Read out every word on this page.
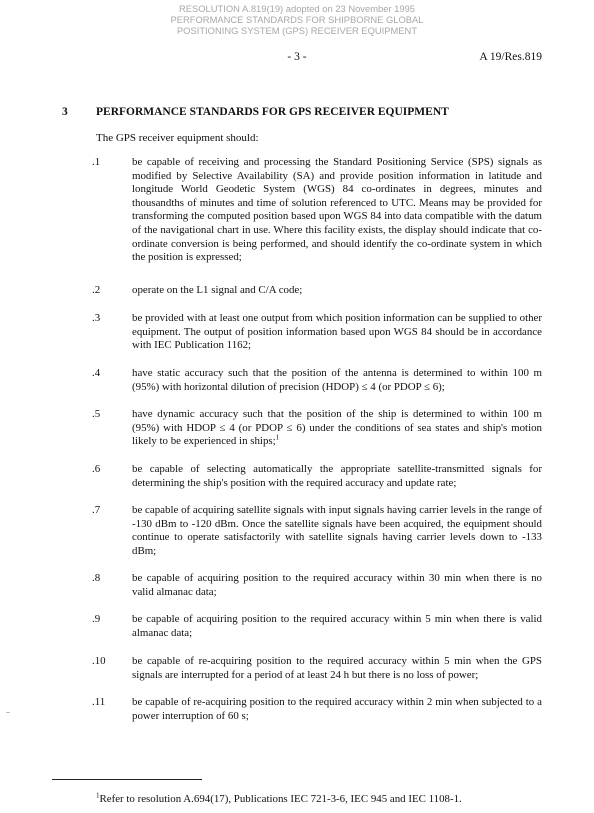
RESOLUTION A.819(19) adopted on 23 November 1995
PERFORMANCE STANDARDS FOR SHIPBORNE GLOBAL
POSITIONING SYSTEM (GPS) RECEIVER EQUIPMENT
- 3 -	A 19/Res.819
3 PERFORMANCE STANDARDS FOR GPS RECEIVER EQUIPMENT
The GPS receiver equipment should:
.1	be capable of receiving and processing the Standard Positioning Service (SPS) signals as modified by Selective Availability (SA) and provide position information in latitude and longitude World Geodetic System (WGS) 84 co-ordinates in degrees, minutes and thousandths of minutes and time of solution referenced to UTC. Means may be provided for transforming the computed position based upon WGS 84 into data compatible with the datum of the navigational chart in use. Where this facility exists, the display should indicate that co-ordinate conversion is being performed, and should identify the co-ordinate system in which the position is expressed;
.2	operate on the L1 signal and C/A code;
.3	be provided with at least one output from which position information can be supplied to other equipment. The output of position information based upon WGS 84 should be in accordance with IEC Publication 1162;
.4	have static accuracy such that the position of the antenna is determined to within 100 m (95%) with horizontal dilution of precision (HDOP) ≤ 4 (or PDOP ≤ 6);
.5	have dynamic accuracy such that the position of the ship is determined to within 100 m (95%) with HDOP ≤ 4 (or PDOP ≤ 6) under the conditions of sea states and ship's motion likely to be experienced in ships;$^1$
.6	be capable of selecting automatically the appropriate satellite-transmitted signals for determining the ship's position with the required accuracy and update rate;
.7	be capable of acquiring satellite signals with input signals having carrier levels in the range of -130 dBm to -120 dBm. Once the satellite signals have been acquired, the equipment should continue to operate satisfactorily with satellite signals having carrier levels down to -133 dBm;
.8	be capable of acquiring position to the required accuracy within 30 min when there is no valid almanac data;
.9	be capable of acquiring position to the required accuracy within 5 min when there is valid almanac data;
.10	be capable of re-acquiring position to the required accuracy within 5 min when the GPS signals are interrupted for a period of at least 24 h but there is no loss of power;
.11	be capable of re-acquiring position to the required accuracy within 2 min when subjected to a power interruption of 60 s;
$^1$Refer to resolution A.694(17), Publications IEC 721-3-6, IEC 945 and IEC 1108-1.
